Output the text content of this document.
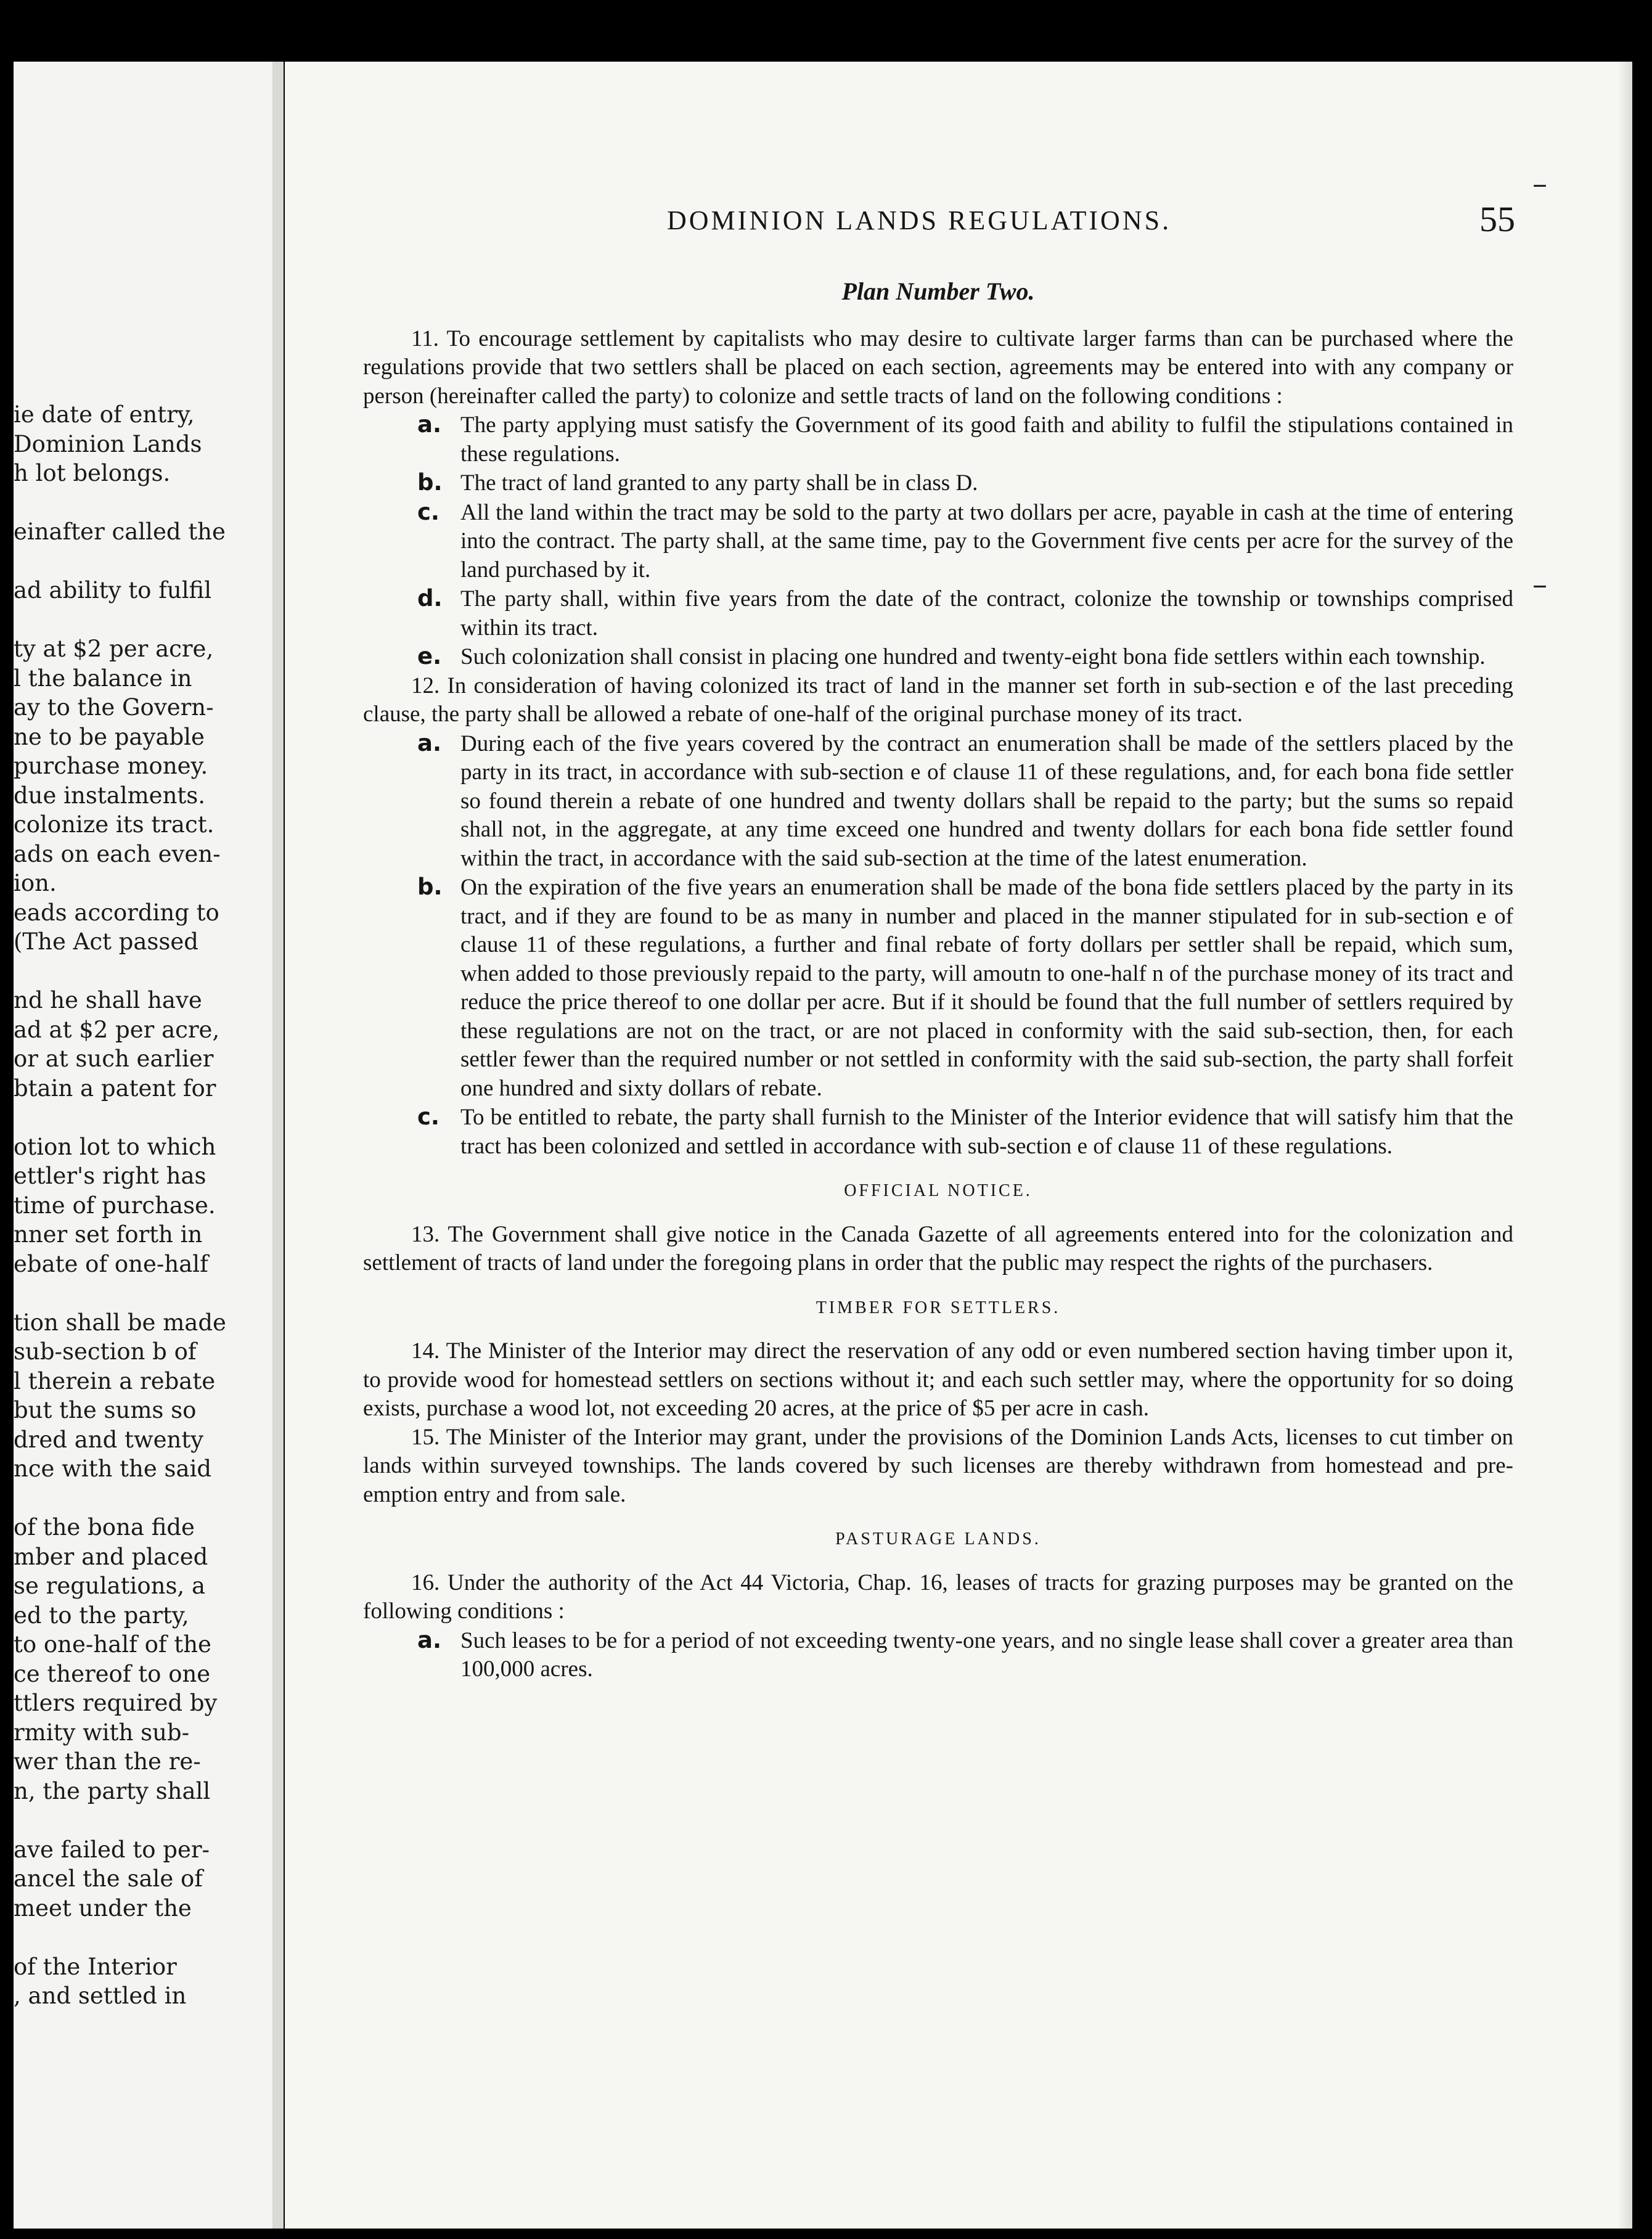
ie date of entry,
Dominion Lands
h lot belongs.
einafter called the
ad ability to fulfil
ty at $2 per acre,
l the balance in
ay to the Govern-
ne to be payable
purchase money.
due instalments.
colonize its tract.
ads on each even-
ion.
eads according to
(The Act passed
nd he shall have
ad at $2 per acre,
or at such earlier
btain a patent for
otion lot to which
ettler's right has
time of purchase.
nner set forth in
ebate of one-half
tion shall be made
sub-section b of
l therein a rebate
but the sums so
dred and twenty
nce with the said
of the bona fide
mber and placed
se regulations, a
ed to the party,
to one-half of the
ce thereof to one
ttlers required by
rmity with sub-
wer than the re-
n, the party shall
ave failed to per-
ancel the sale of
meet under the
of the Interior
, and settled in
DOMINION LANDS REGULATIONS.	55

Plan Number Two.

11. To encourage settlement by capitalists who may desire to cultivate larger farms than can be purchased where the regulations provide that two settlers shall be placed on each section, agreements may be entered into with any company or person (hereinafter called the party) to colonize and settle tracts of land on the following conditions :

a. The party applying must satisfy the Government of its good faith and ability to fulfil the stipulations contained in these regulations.

b. The tract of land granted to any party shall be in class D.

c. All the land within the tract may be sold to the party at two dollars per acre, payable in cash at the time of entering into the contract. The party shall, at the same time, pay to the Government five cents per acre for the survey of the land purchased by it.

d. The party shall, within five years from the date of the contract, colonize the township or townships comprised within its tract.

e. Such colonization shall consist in placing one hundred and twenty-eight bona fide settlers within each township.

12. In consideration of having colonized its tract of land in the manner set forth in sub-section e of the last preceding clause, the party shall be allowed a rebate of one-half of the original purchase money of its tract.

a. During each of the five years covered by the contract an enumeration shall be made of the settlers placed by the party in its tract, in accordance with sub-section e of clause 11 of these regulations, and, for each bona fide settler so found therein a rebate of one hundred and twenty dollars shall be repaid to the party; but the sums so repaid shall not, in the aggregate, at any time exceed one hundred and twenty dollars for each bona fide settler found within the tract, in accordance with the said sub-section at the time of the latest enumeration.

b. On the expiration of the five years an enumeration shall be made of the bona fide settlers placed by the party in its tract, and if they are found to be as many in number and placed in the manner stipulated for in sub-section e of clause 11 of these regulations, a further and final rebate of forty dollars per settler shall be repaid, which sum, when added to those previously repaid to the party, will amoutn to one-half n of the purchase money of its tract and reduce the price thereof to one dollar per acre. But if it should be found that the full number of settlers required by these regulations are not on the tract, or are not placed in conformity with the said sub-section, then, for each settler fewer than the required number or not settled in conformity with the said sub-section, the party shall forfeit one hundred and sixty dollars of rebate.

c. To be entitled to rebate, the party shall furnish to the Minister of the Interior evidence that will satisfy him that the tract has been colonized and settled in accordance with sub-section e of clause 11 of these regulations.

OFFICIAL NOTICE.

13. The Government shall give notice in the Canada Gazette of all agreements entered into for the colonization and settlement of tracts of land under the foregoing plans in order that the public may respect the rights of the purchasers.

TIMBER FOR SETTLERS.

14. The Minister of the Interior may direct the reservation of any odd or even numbered section having timber upon it, to provide wood for homestead settlers on sections without it; and each such settler may, where the opportunity for so doing exists, purchase a wood lot, not exceeding 20 acres, at the price of $5 per acre in cash.

15. The Minister of the Interior may grant, under the provisions of the Dominion Lands Acts, licenses to cut timber on lands within surveyed townships. The lands covered by such licenses are thereby withdrawn from homestead and pre-emption entry and from sale.

PASTURAGE LANDS.

16. Under the authority of the Act 44 Victoria, Chap. 16, leases of tracts for grazing purposes may be granted on the following conditions :

a. Such leases to be for a period of not exceeding twenty-one years, and no single lease shall cover a greater area than 100,000 acres.

–
–
